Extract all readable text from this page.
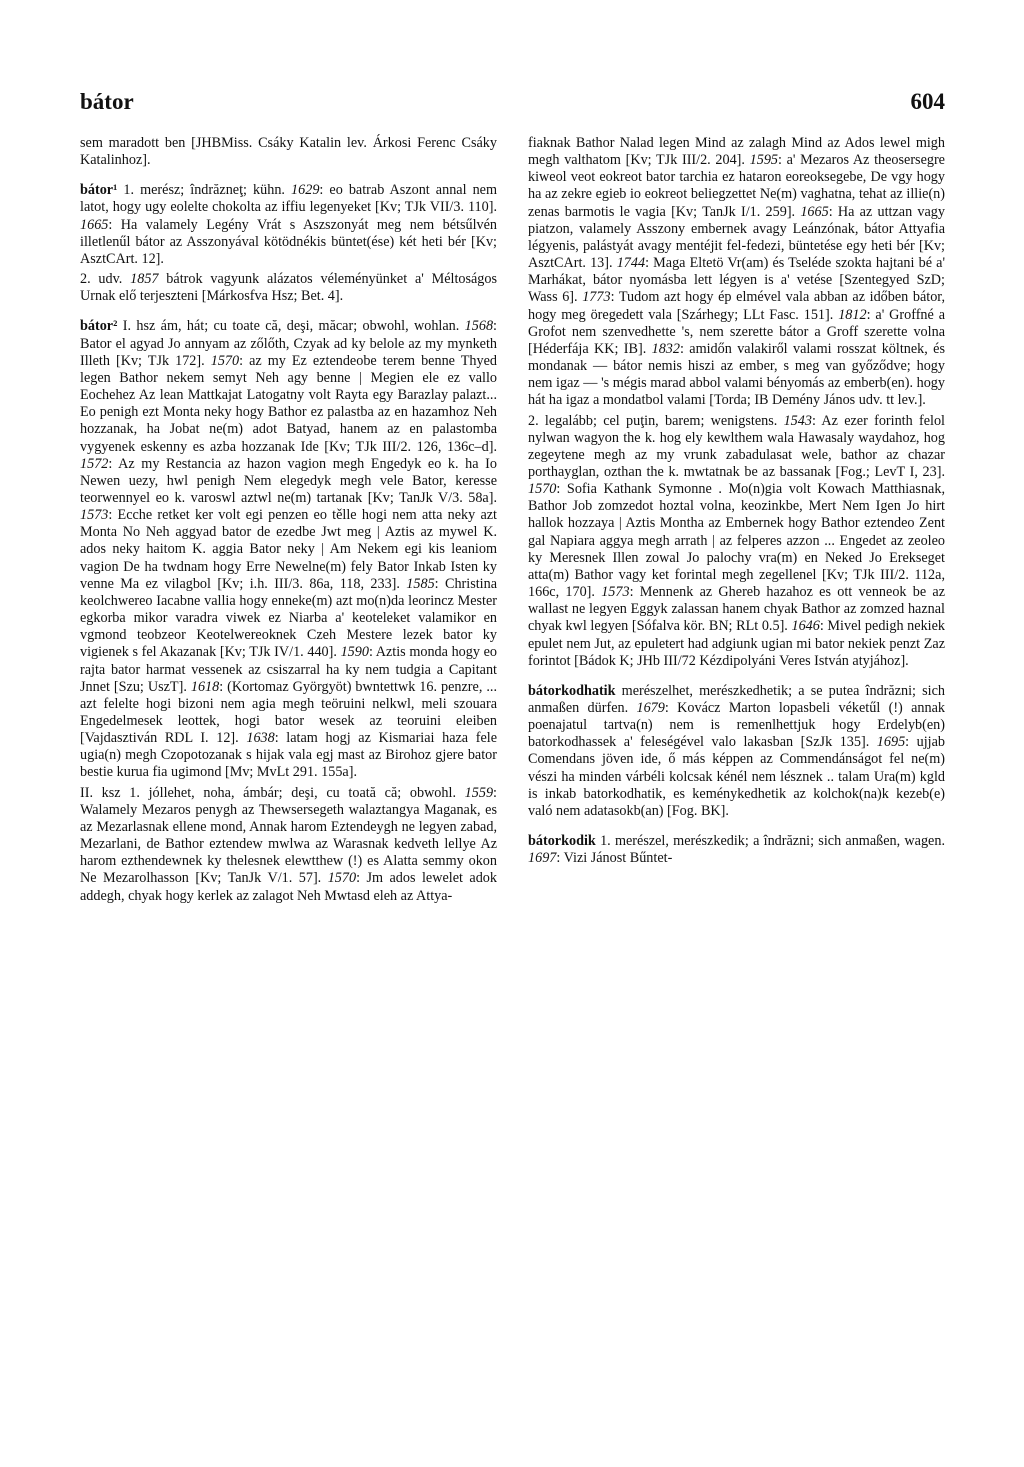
bátor	604

sem maradott ben [JHBMiss. Csáky Katalin lev. Árkosi Ferenc Csáky Katalinhoz].

bátor¹ 1. merész; îndrăzneţ; kühn. 1629: eo batrab Aszont annal nem latot, hogy ugy eolelte chokolta az iffiu legenyeket [Kv; TJk VII/3. 110]. 1665: Ha valamely Legény Vrát s Aszszonyát meg nem bétsűlvén illetlenűl bátor az Asszonyával kötödnékis büntet(ése) két heti bér [Kv; AsztCArt. 12].

2. udv. 1857 bátrok vagyunk alázatos véleményünket a' Méltoságos Urnak elő terjeszteni [Márkosfva Hsz; Bet. 4].

bátor² I. hsz ám, hát; cu toate că, deşi, măcar; obwohl, wohlan. 1568: Bator el agyad Jo annyam az zőlőth, Czyak ad ky belole az my mynketh Illeth [Kv; TJk 172]. 1570: az my Ez eztendeobe terem benne Thyed legen Bathor nekem semyt Neh agy benne | Megien ele ez vallo Eochehez Az lean Mattkajat Latogatny volt Rayta egy Barazlay palazt... Eo penigh ezt Monta neky hogy Bathor ez palastba az en hazamhoz Neh hozzanak, ha Jobat ne(m) adot Batyad, hanem az en palastomba vygyenek eskenny es azba hozzanak Ide [Kv; TJk III/2. 126, 136c–d]. 1572: Az my Restancia az hazon vagion megh Engedyk eo k. ha Io Newen uezy, hwl penigh Nem elegedyk megh vele Bator, keresse teorwennyel eo k. varoswl aztwl ne(m) tartanak [Kv; TanJk V/3. 58a]. 1573: Ecche retket ker volt egi penzen eo tělle hogi nem atta neky azt Monta No Neh aggyad bator de ezedbe Jwt meg | Aztis az mywel K. ados neky haitom K. aggia Bator neky | Am Nekem egi kis leaniom vagion De ha twdnam hogy Erre Newelne(m) fely Bator Inkab Isten ky venne Ma ez vilagbol [Kv; i.h. III/3. 86a, 118, 233]. 1585: Christina keolchwereo Iacabne vallia hogy enneke(m) azt mo(n)da leorincz Mester egkorba mikor varadra viwek ez Niarba a' keoteleket valamikor en vgmond teobzeor Keotelwereoknek Czeh Mestere lezek bator ky vigienek s fel Akazanak [Kv; TJk IV/1. 440]. 1590: Aztis monda hogy eo rajta bator harmat vessenek az csiszarral ha ky nem tudgia a Capitant Jnnet [Szu; UszT]. 1618: (Kortomaz Györgyöt) bwntettwk 16. penzre, ... azt felelte hogi bizoni nem agia megh teöruini nelkwl, meli szouara Engedelmesek leottek, hogi bator wesek az teoruini eleiben [Vajdasztiván RDL I. 12]. 1638: latam hogj az Kismariai haza fele ugia(n) megh Czopotozanak s hijak vala egj mast az Birohoz gjere bator bestie kurua fia ugimond [Mv; MvLt 291. 155a].

II. ksz 1. jóllehet, noha, ámbár; deşi, cu toată că; obwohl. 1559: Walamely Mezaros penygh az Thewsersegeth walaztangya Maganak, es az Mezarlasnak ellene mond, Annak harom Eztendeygh ne legyen zabad, Mezarlani, de Bathor eztendew mwlwa az Warasnak kedveth lellye Az harom ezthendewnek ky thelesnek elewtthew (!) es Alatta semmy okon Ne Mezarolhasson [Kv; TanJk V/1. 57]. 1570: Jm ados lewelet adok addegh, chyak hogy kerlek az zalagot Neh Mwtasd eleh az Attya-

fiaknak Bathor Nalad legen Mind az zalagh Mind az Ados lewel migh megh valthatom [Kv; TJk III/2. 204]. 1595: a' Mezaros Az theosersegre kiweol veot eokreot bator tarchia ez hataron eoreoksegebe, De vgy hogy ha az zekre egieb io eokreot beliegzettet Ne(m) vaghatna, tehat az illie(n) zenas barmotis le vagia [Kv; TanJk I/1. 259]. 1665: Ha az uttzan vagy piatzon, valamely Asszony embernek avagy Leánzónak, bátor Attyafia légyenis, palástyát avagy mentéjit fel-fedezi, büntetése egy heti bér [Kv; AsztCArt. 13]. 1744: Maga Eltetö Vr(am) és Tseléde szokta hajtani bé a' Marhákat, bátor nyomásba lett légyen is a' vetése [Szentegyed SzD; Wass 6]. 1773: Tudom azt hogy ép elmével vala abban az időben bátor, hogy meg öregedett vala [Szárhegy; LLt Fasc. 151]. 1812: a' Groffné a Grofot nem szenvedhette 's, nem szerette bátor a Groff szerette volna [Héderfája KK; IB]. 1832: amidőn valakiről valami rosszat költnek, és mondanak — bátor nemis hiszi az ember, s meg van győződve; hogy nem igaz — 's mégis marad abbol valami bényomás az emberb(en). hogy hát ha igaz a mondatbol valami [Torda; IB Demény János udv. tt lev.].

2. legalább; cel puţin, barem; wenigstens. 1543: Az ezer forinth felol nylwan wagyon the k. hog ely kewlthem wala Hawasaly waydahoz, hog zegeytene megh az my vrunk zabadulasat wele, bathor az chazar porthayglan, ozthan the k. mwtatnak be az bassanak [Fog.; LevT I, 23]. 1570: Sofia Kathank Symonne . Mo(n)gia volt Kowach Matthiasnak, Bathor Job zomzedot hoztal volna, keozinkbe, Mert Nem Igen Jo hirt hallok hozzaya | Aztis Montha az Embernek hogy Bathor eztendeo Zent gal Napiara aggya megh arrath | az felperes azzon ... Engedet az zeoleo ky Meresnek Illen zowal Jo palochy vra(m) en Neked Jo Erekseget atta(m) Bathor vagy ket forintal megh zegellenel [Kv; TJk III/2. 112a, 166c, 170]. 1573: Mennenk az Ghereb hazahoz es ott venneok be az wallast ne legyen Eggyk zalassan hanem chyak Bathor az zomzed haznal chyak kwl legyen [Sófalva kör. BN; RLt 0.5]. 1646: Mivel pedigh nekiek epulet nem Jut, az epuletert had adgiunk ugian mi bator nekiek penzt Zaz forintot [Bádok K; JHb III/72 Kézdipolyáni Veres István atyjához].

bátorkodhatik merészelhet, merészkedhetik; a se putea îndrăzni; sich anmaßen dürfen. 1679: Kovácz Marton lopasbeli véketűl (!) annak poenajatul tartva(n) nem is remenlhettjuk hogy Erdelyb(en) batorkodhassek a' feleségével valo lakasban [SzJk 135]. 1695: ujjab Comendans jöven ide, ő más képpen az Commendánságot fel ne(m) vészi ha minden várbéli kolcsak kénél nem lésznek .. talam Ura(m) kgld is inkab batorkodhatik, es keménykedhetik az kolchok(na)k kezeb(e) való nem adatasokb(an) [Fog. BK].

bátorkodik 1. merészel, merészkedik; a îndrăzni; sich anmaßen, wagen. 1697: Vizi Jánost Bűntet-
